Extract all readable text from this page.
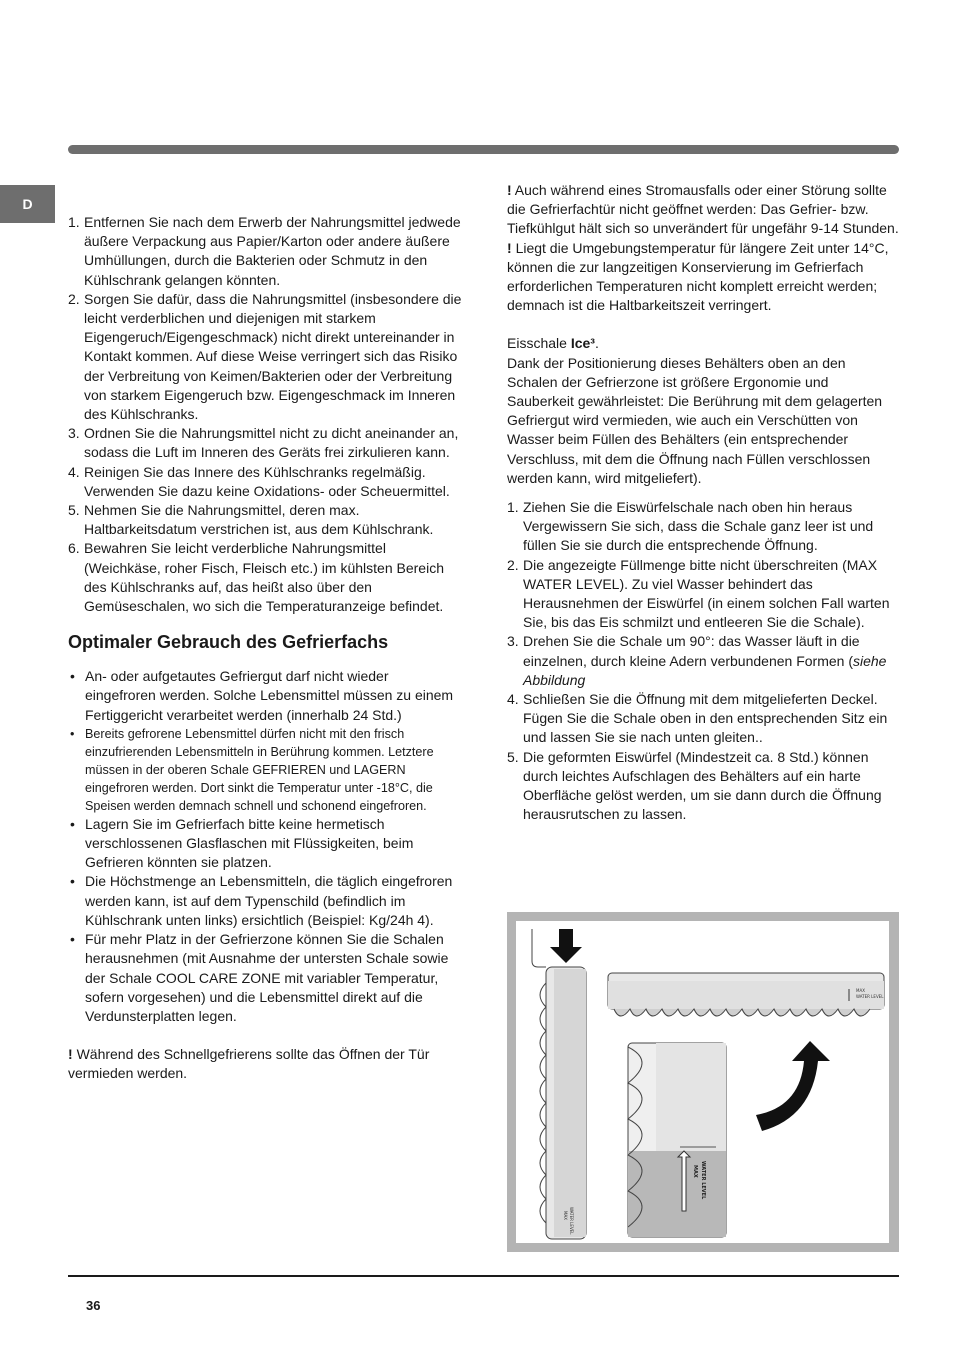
D
1. Entfernen Sie nach dem Erwerb der Nahrungsmittel jedwede äußere Verpackung aus Papier/Karton oder andere äußere Umhüllungen, durch die Bakterien oder Schmutz in den Kühlschrank gelangen könnten.
2. Sorgen Sie dafür, dass die Nahrungsmittel (insbesondere die leicht verderblichen und diejenigen mit starkem Eigengeruch/Eigengeschmack) nicht direkt untereinander in Kontakt kommen. Auf diese Weise verringert sich das Risiko der Verbreitung von Keimen/Bakterien oder der Verbreitung von starkem Eigengeruch bzw. Eigengeschmack im Inneren des Kühlschranks.
3. Ordnen Sie die Nahrungsmittel nicht zu dicht aneinander an, sodass die Luft im Inneren des Geräts frei zirkulieren kann.
4. Reinigen Sie das Innere des Kühlschranks regelmäßig. Verwenden Sie dazu keine Oxidations- oder Scheuermittel.
5. Nehmen Sie die Nahrungsmittel, deren max. Haltbarkeitsdatum verstrichen ist, aus dem Kühlschrank.
6. Bewahren Sie leicht verderbliche Nahrungsmittel (Weichkäse, roher Fisch, Fleisch etc.) im kühlsten Bereich des Kühlschranks auf, das heißt also über den Gemüseschalen, wo sich die Temperaturanzeige befindet.
Optimaler Gebrauch des Gefrierfachs
• An- oder aufgetautes Gefriergut darf nicht wieder eingefroren werden. Solche Lebensmittel müssen zu einem Fertiggericht verarbeitet werden (innerhalb 24 Std.)
• Bereits gefrorene Lebensmittel dürfen nicht mit den frisch einzufrierenden Lebensmitteln in Berührung kommen. Letztere müssen in der oberen Schale GEFRIEREN und LAGERN eingefroren werden. Dort sinkt die Temperatur unter -18°C, die Speisen werden demnach schnell und schonend eingefroren.
• Lagern Sie im Gefrierfach bitte keine hermetisch verschlossenen Glasflaschen mit Flüssigkeiten, beim Gefrieren könnten sie platzen.
• Die Höchstmenge an Lebensmitteln, die täglich eingefroren werden kann, ist auf dem Typenschild (befindlich im Kühlschrank unten links) ersichtlich (Beispiel: Kg/24h 4).
• Für mehr Platz in der Gefrierzone können Sie die Schalen herausnehmen (mit Ausnahme der untersten Schale sowie der Schale COOL CARE ZONE mit variabler Temperatur, sofern vorgesehen) und die Lebensmittel direkt auf die Verdunsterplatten legen.

! Während des Schnellgefrierens sollte das Öffnen der Tür vermieden werden.

! Auch während eines Stromausfalls oder einer Störung sollte die Gefrierfachtür nicht geöffnet werden: Das Gefrier- bzw. Tiefkühlgut hält sich so unverändert für ungefähr 9-14 Stunden.

! Liegt die Umgebungstemperatur für längere Zeit unter 14°C, können die zur langzeitigen Konservierung im Gefrierfach erforderlichen Temperaturen nicht komplett erreicht werden; demnach ist die Haltbarkeitszeit verringert.

Eisschale Ice³.

Dank der Positionierung dieses Behälters oben an den Schalen der Gefrierzone ist größere Ergonomie und Sauberkeit gewährleistet: Die Berührung mit dem gelagerten Gefriergut wird vermieden, wie auch ein Verschütten von Wasser beim Füllen des Behälters (ein entsprechender Verschluss, mit dem die Öffnung nach Füllen verschlossen werden kann, wird mitgeliefert).

1. Ziehen Sie die Eiswürfelschale nach oben hin heraus Vergewissern Sie sich, dass die Schale ganz leer ist und füllen Sie sie durch die entsprechende Öffnung.
2. Die angezeigte Füllmenge bitte nicht überschreiten (MAX WATER LEVEL). Zu viel Wasser behindert das Herausnehmen der Eiswürfel (in einem solchen Fall warten Sie, bis das Eis schmilzt und entleeren Sie die Schale).
3. Drehen Sie die Schale um 90°: das Wasser läuft in die einzelnen, durch kleine Adern verbundenen Formen (siehe Abbildung
4. Schließen Sie die Öffnung mit dem mitgelieferten Deckel. Fügen Sie die Schale oben in den entsprechenden Sitz ein und lassen Sie sie nach unten gleiten..
5. Die geformten Eiswürfel (Mindestzeit ca. 8 Std.) können durch leichtes Aufschlagen des Behälters auf ein harte Oberfläche gelöst werden, um sie dann durch die Öffnung herausrutschen zu lassen.
MAX WATER LEVEL
MAX
WATER LEVEL
MAX WATER LEVEL
36
